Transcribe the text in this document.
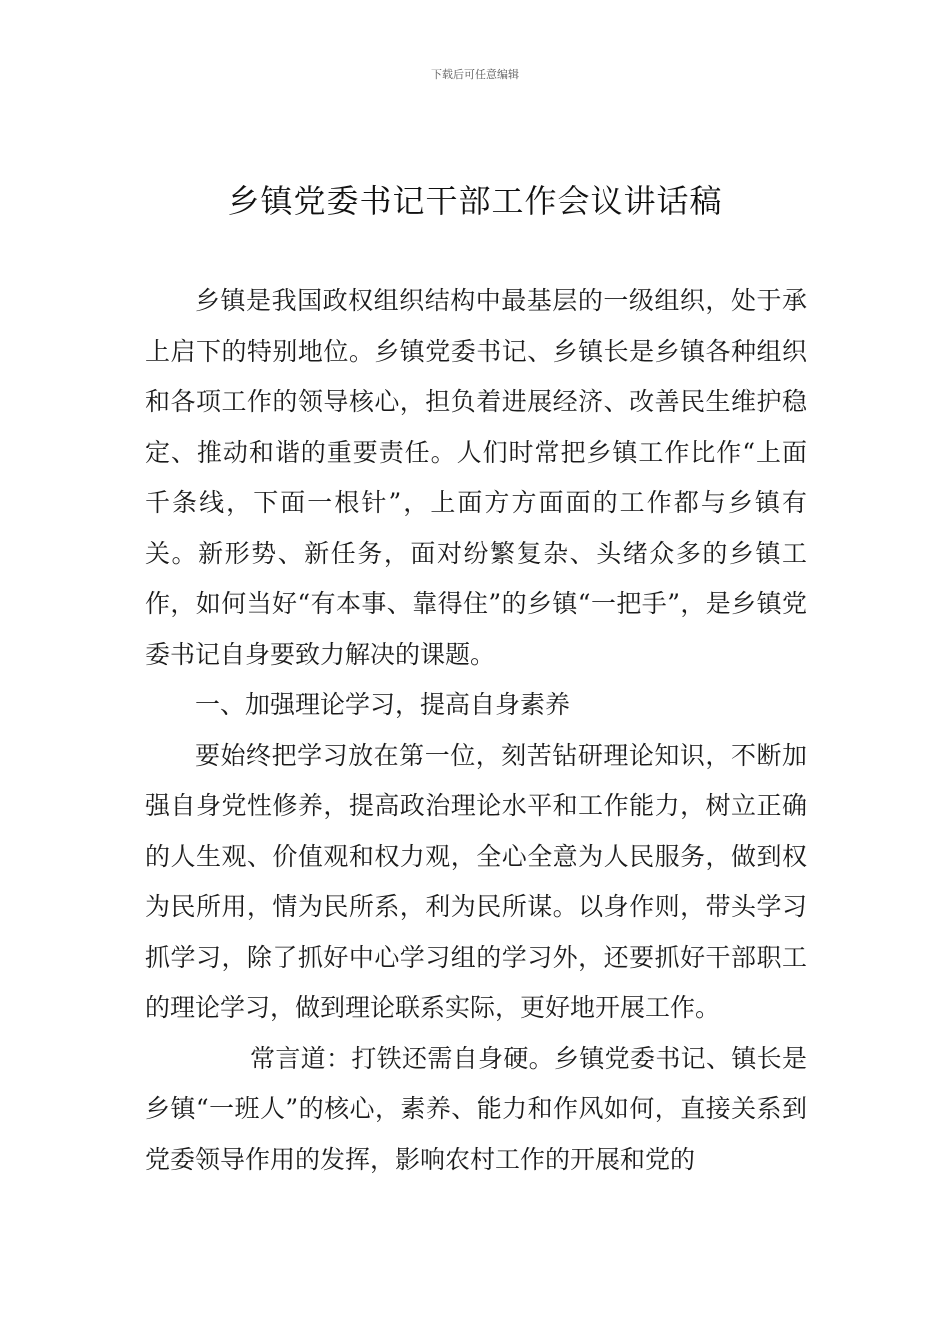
下载后可任意编辑
乡镇党委书记干部工作会议讲话稿

乡镇是我国政权组织结构中最基层的一级组织，处于承上启下的特别地位。乡镇党委书记、乡镇长是乡镇各种组织和各项工作的领导核心，担负着进展经济、改善民生维护稳定、推动和谐的重要责任。人们时常把乡镇工作比作“上面千条线，下面一根针”，上面方方面面的工作都与乡镇有关。新形势、新任务，面对纷繁复杂、头绪众多的乡镇工作，如何当好“有本事、靠得住”的乡镇“一把手”，是乡镇党委书记自身要致力解决的课题。

一、加强理论学习，提高自身素养

要始终把学习放在第一位，刻苦钻研理论知识，不断加强自身党性修养，提高政治理论水平和工作能力，树立正确的人生观、价值观和权力观，全心全意为人民服务，做到权为民所用，情为民所系，利为民所谋。以身作则，带头学习抓学习，除了抓好中心学习组的学习外，还要抓好干部职工的理论学习，做到理论联系实际，更好地开展工作。

常言道：打铁还需自身硬。乡镇党委书记、镇长是乡镇“一班人”的核心，素养、能力和作风如何，直接关系到党委领导作用的发挥，影响农村工作的开展和党的
